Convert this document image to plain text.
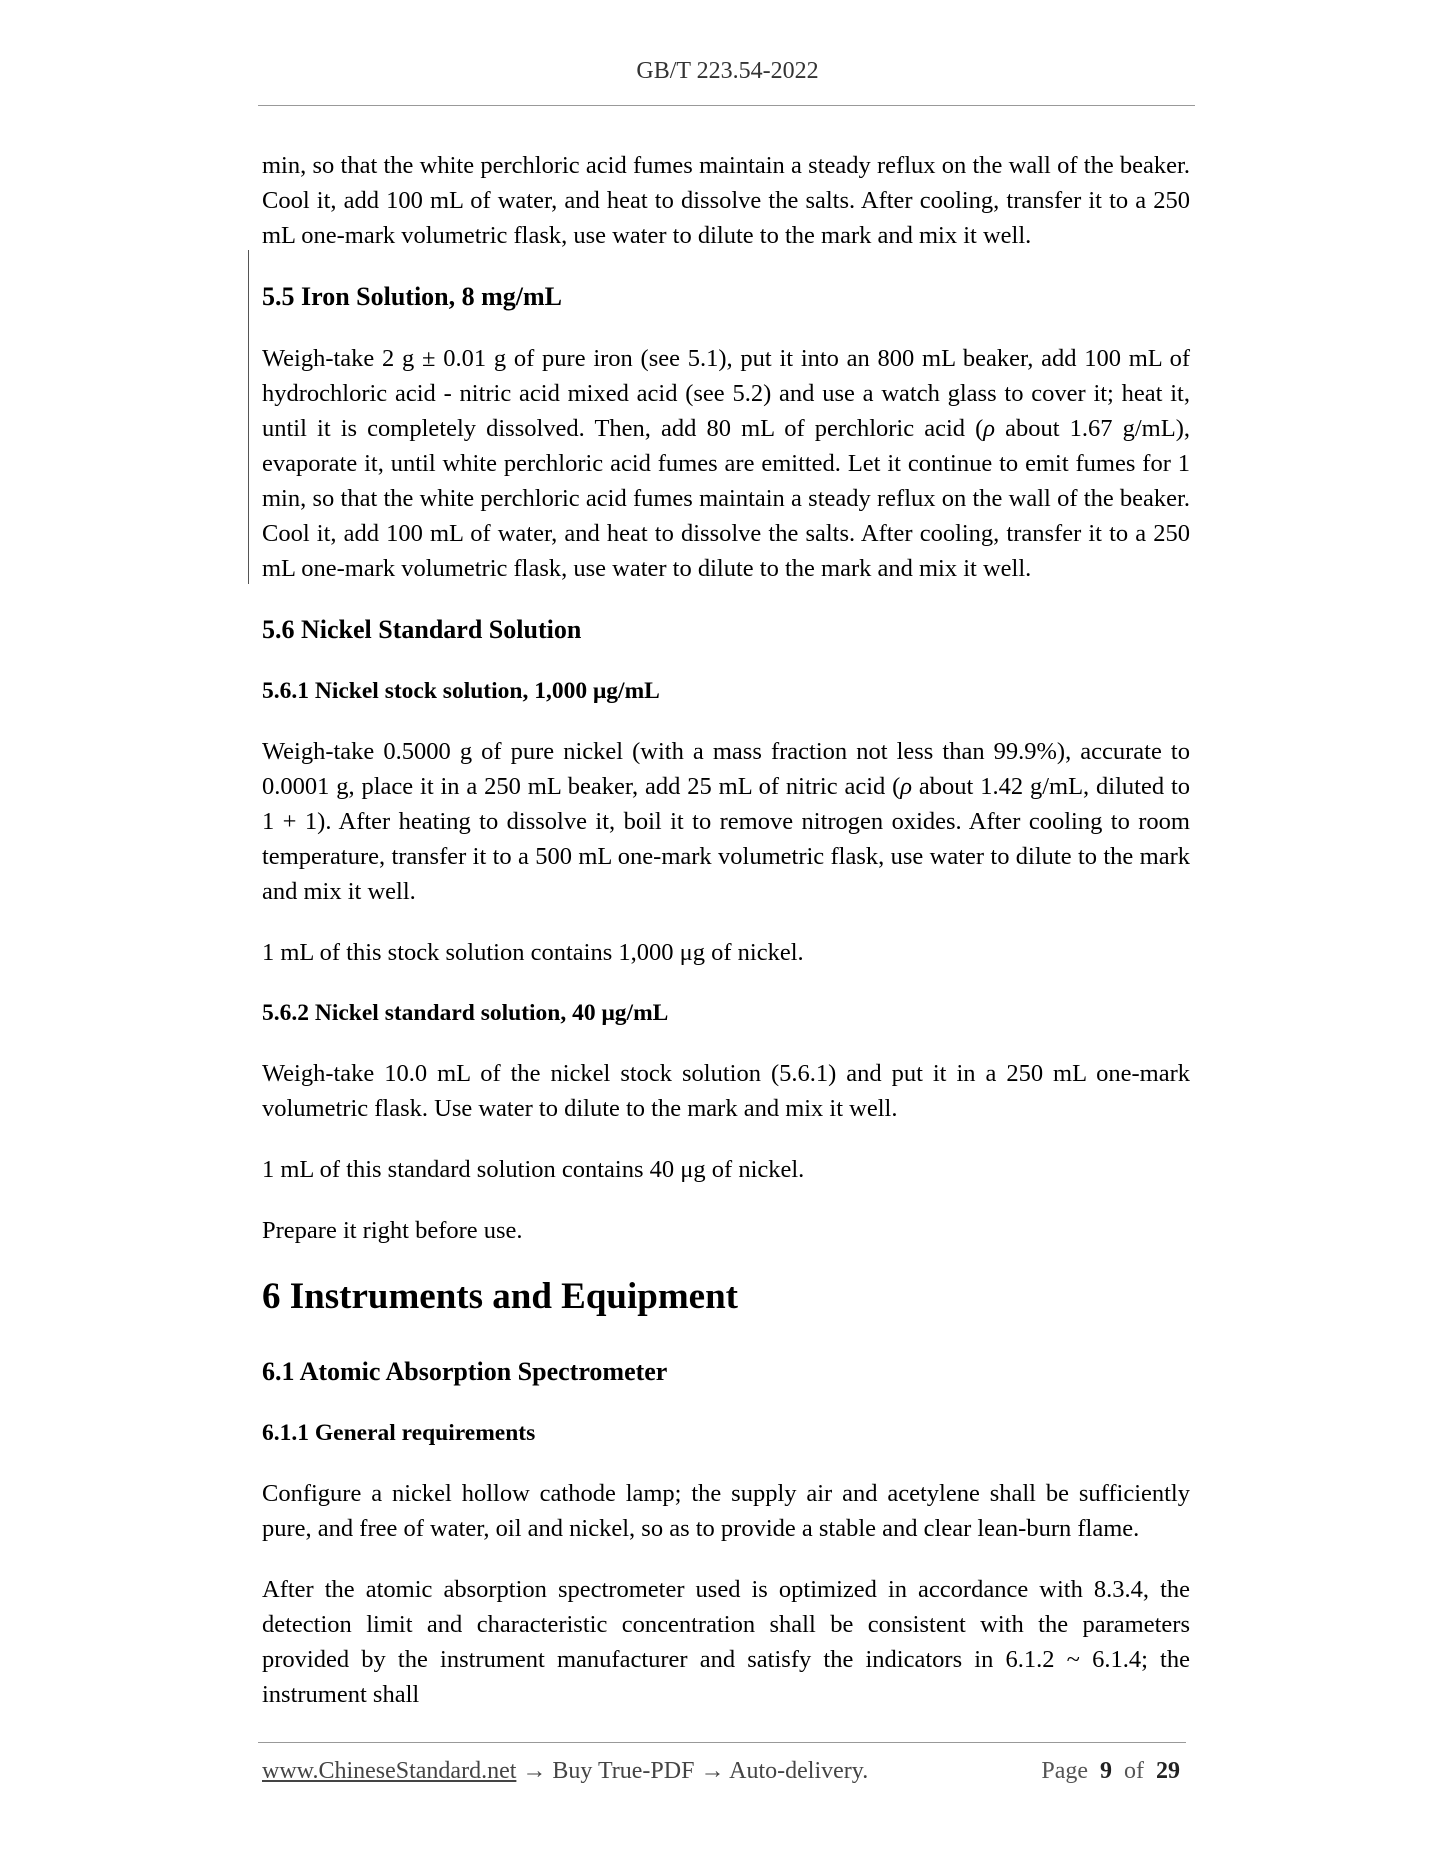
GB/T 223.54-2022

min, so that the white perchloric acid fumes maintain a steady reflux on the wall of the beaker. Cool it, add 100 mL of water, and heat to dissolve the salts. After cooling, transfer it to a 250 mL one-mark volumetric flask, use water to dilute to the mark and mix it well.

5.5 Iron Solution, 8 mg/mL

Weigh-take 2 g ± 0.01 g of pure iron (see 5.1), put it into an 800 mL beaker, add 100 mL of hydrochloric acid - nitric acid mixed acid (see 5.2) and use a watch glass to cover it; heat it, until it is completely dissolved. Then, add 80 mL of perchloric acid (ρ about 1.67 g/mL), evaporate it, until white perchloric acid fumes are emitted. Let it continue to emit fumes for 1 min, so that the white perchloric acid fumes maintain a steady reflux on the wall of the beaker. Cool it, add 100 mL of water, and heat to dissolve the salts. After cooling, transfer it to a 250 mL one-mark volumetric flask, use water to dilute to the mark and mix it well.

5.6 Nickel Standard Solution
5.6.1 Nickel stock solution, 1,000 μg/mL

Weigh-take 0.5000 g of pure nickel (with a mass fraction not less than 99.9%), accurate to 0.0001 g, place it in a 250 mL beaker, add 25 mL of nitric acid (ρ about 1.42 g/mL, diluted to 1 + 1). After heating to dissolve it, boil it to remove nitrogen oxides. After cooling to room temperature, transfer it to a 500 mL one-mark volumetric flask, use water to dilute to the mark and mix it well.

1 mL of this stock solution contains 1,000 μg of nickel.

5.6.2 Nickel standard solution, 40 μg/mL

Weigh-take 10.0 mL of the nickel stock solution (5.6.1) and put it in a 250 mL one-mark volumetric flask. Use water to dilute to the mark and mix it well.

1 mL of this standard solution contains 40 μg of nickel.

Prepare it right before use.

6 Instruments and Equipment
6.1 Atomic Absorption Spectrometer
6.1.1 General requirements

Configure a nickel hollow cathode lamp; the supply air and acetylene shall be sufficiently pure, and free of water, oil and nickel, so as to provide a stable and clear lean-burn flame.

After the atomic absorption spectrometer used is optimized in accordance with 8.3.4, the detection limit and characteristic concentration shall be consistent with the parameters provided by the instrument manufacturer and satisfy the indicators in 6.1.2 ~ 6.1.4; the instrument shall

www.ChineseStandard.net → Buy True-PDF → Auto-delivery.	Page 9 of 29
